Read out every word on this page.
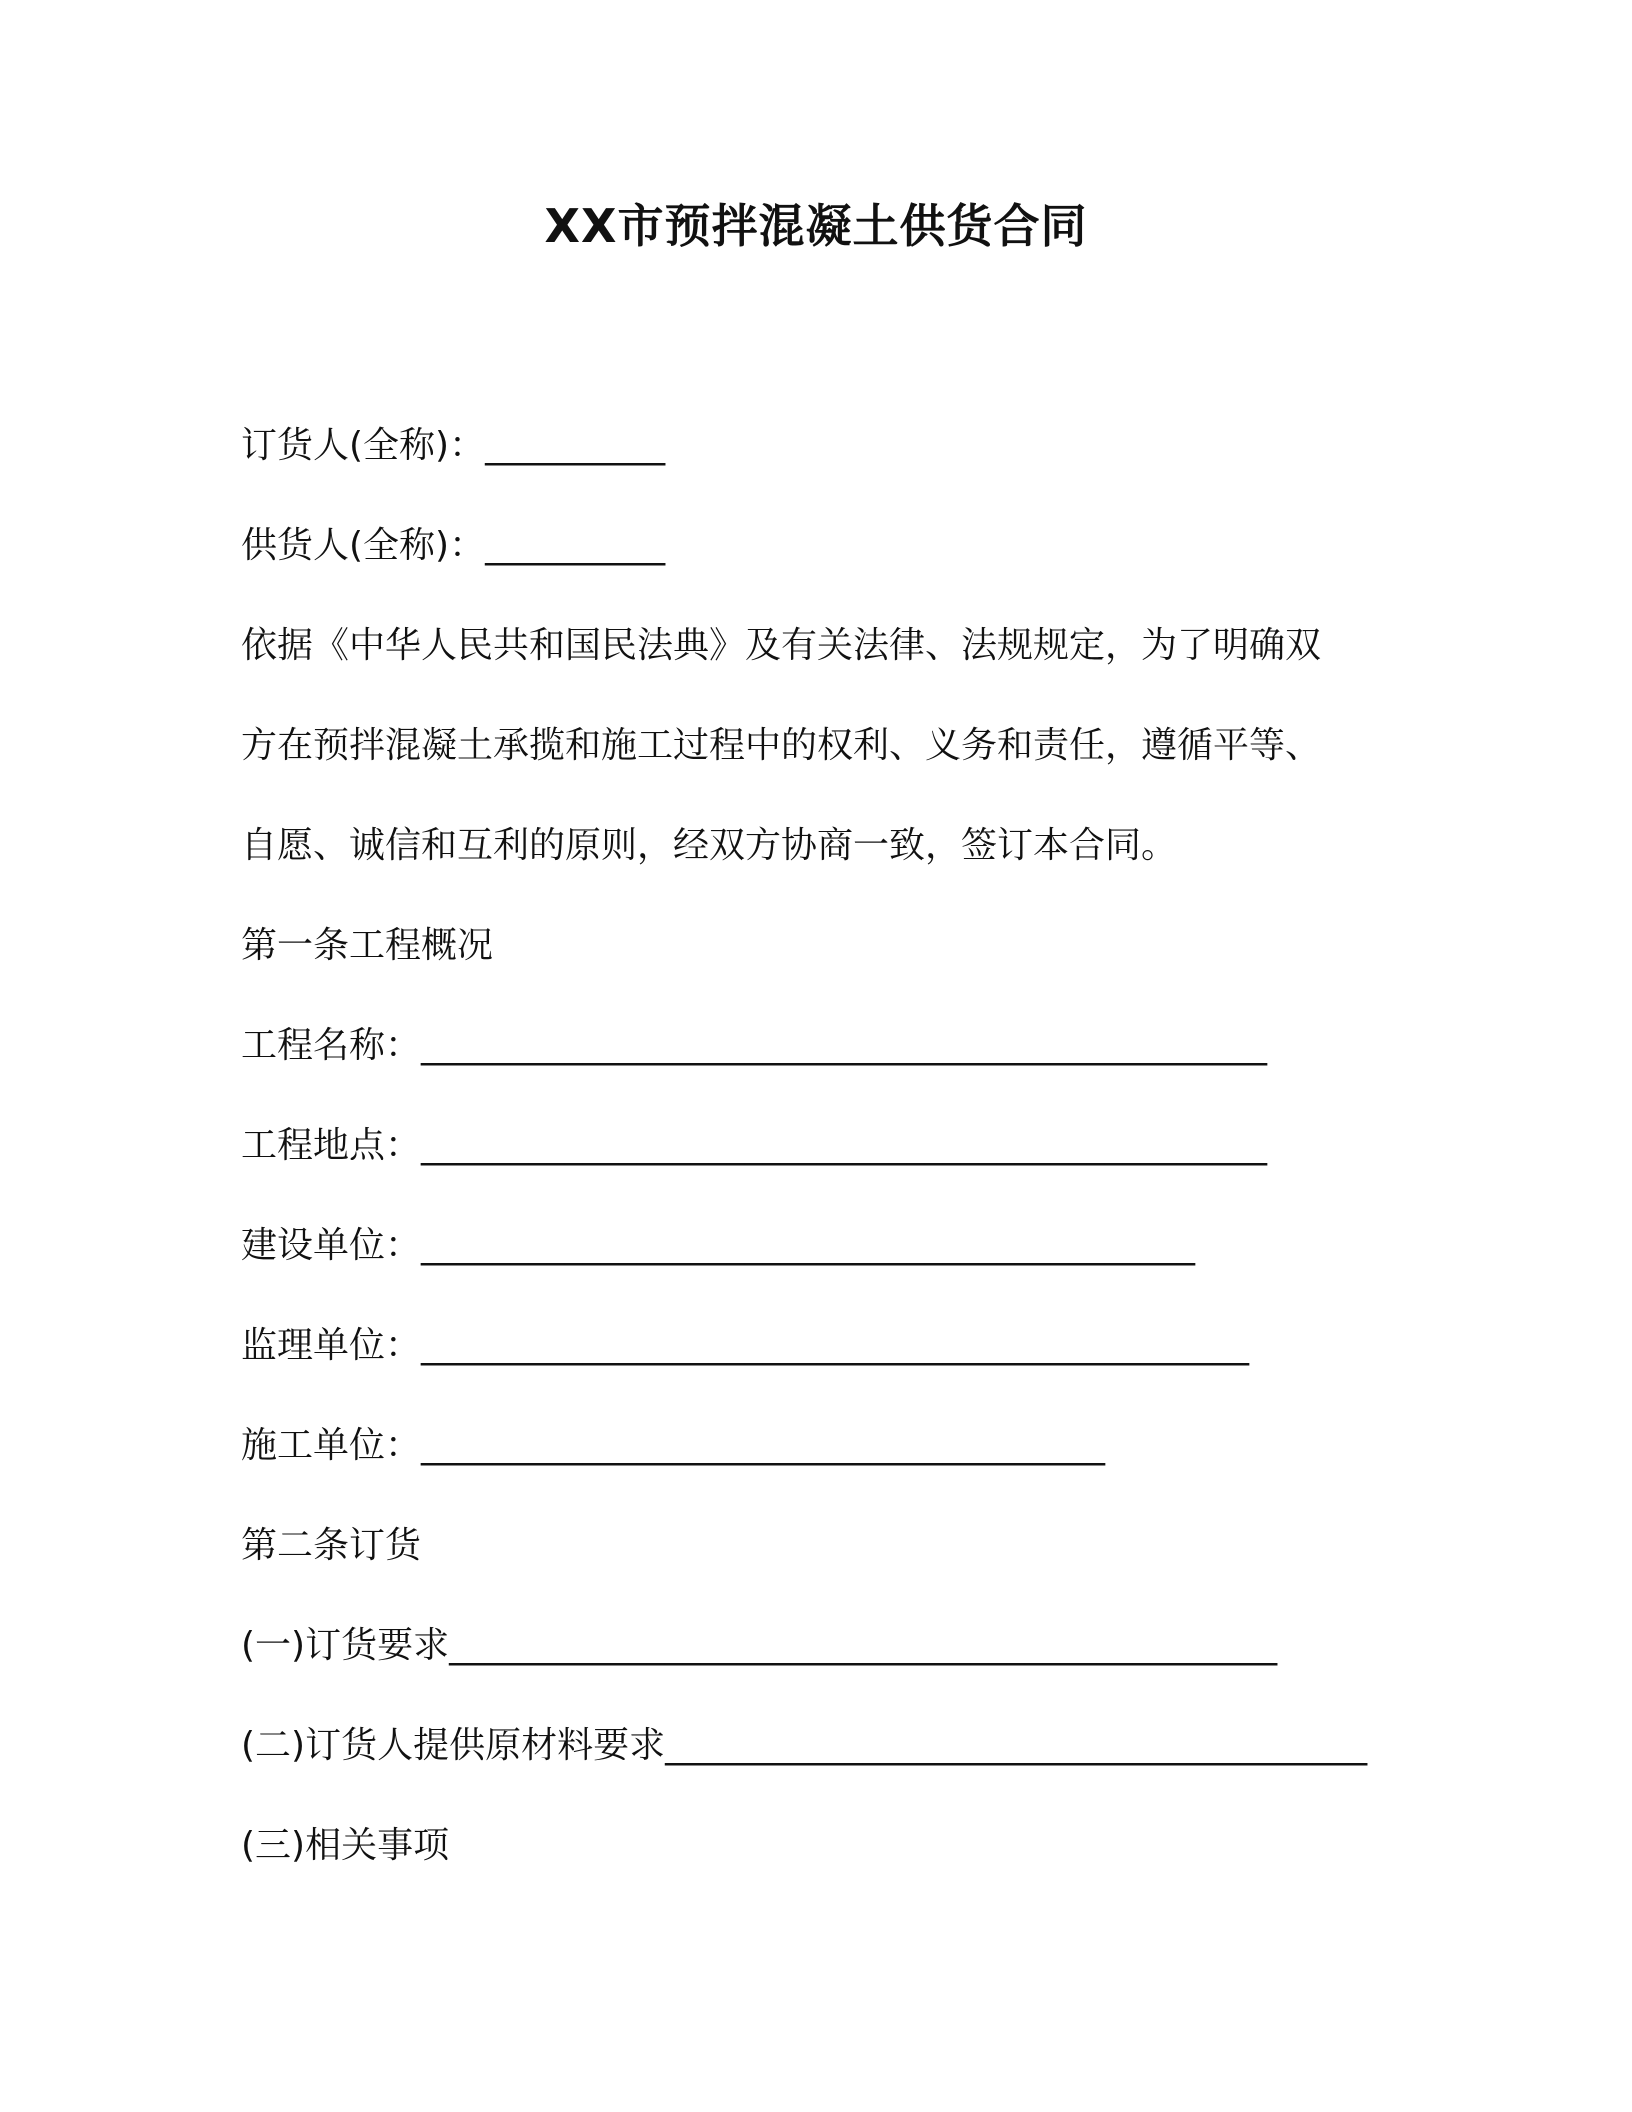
XX市预拌混凝土供货合同
订货人(全称)：__________
供货人(全称)：__________
依据《中华人民共和国民法典》及有关法律、法规规定，为了明确双
方在预拌混凝土承揽和施工过程中的权利、义务和责任，遵循平等、
自愿、诚信和互利的原则，经双方协商一致，签订本合同。
第一条工程概况
工程名称：_______________________________________________
工程地点：_______________________________________________
建设单位：___________________________________________
监理单位：______________________________________________
施工单位：______________________________________
第二条订货
(一)订货要求______________________________________________
(二)订货人提供原材料要求_______________________________________
(三)相关事项
